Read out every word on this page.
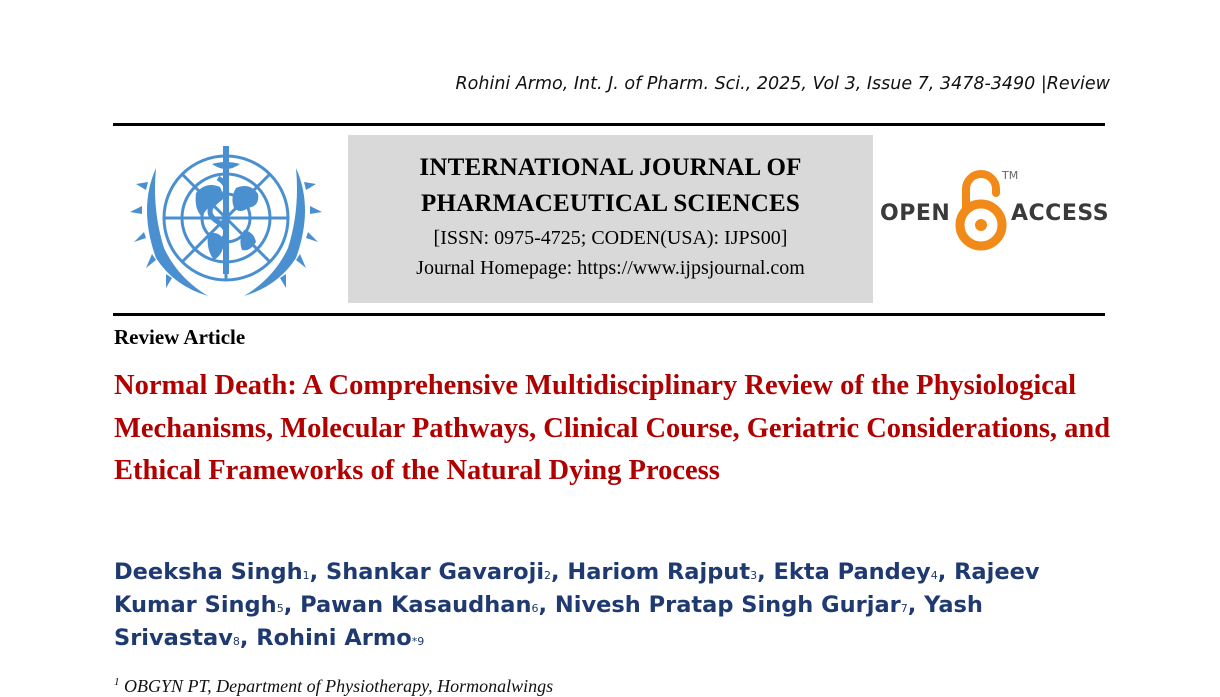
Rohini Armo, Int. J. of Pharm. Sci., 2025, Vol 3, Issue 7, 3478-3490 |Review
INTERNATIONAL JOURNAL OF
PHARMACEUTICAL SCIENCES
[ISSN: 0975-4725; CODEN(USA): IJPS00]
Journal Homepage: https://www.ijpsjournal.com
OPEN
TM
ACCESS
Review Article
Normal Death: A Comprehensive Multidisciplinary Review of the Physiological Mechanisms, Molecular Pathways, Clinical Course, Geriatric Considerations, and Ethical Frameworks of the Natural Dying Process
Deeksha Singh$^1$, Shankar Gavaroji$^2$, Hariom Rajput$^3$, Ekta Pandey$^4$, Rajeev Kumar Singh$^5$, Pawan Kasaudhan$^6$, Nivesh Pratap Singh Gurjar$^7$, Yash Srivastav$^8$, Rohini Armo$^{*9}$
$^1$ OBGYN PT, Department of Physiotherapy, Hormonalwings
